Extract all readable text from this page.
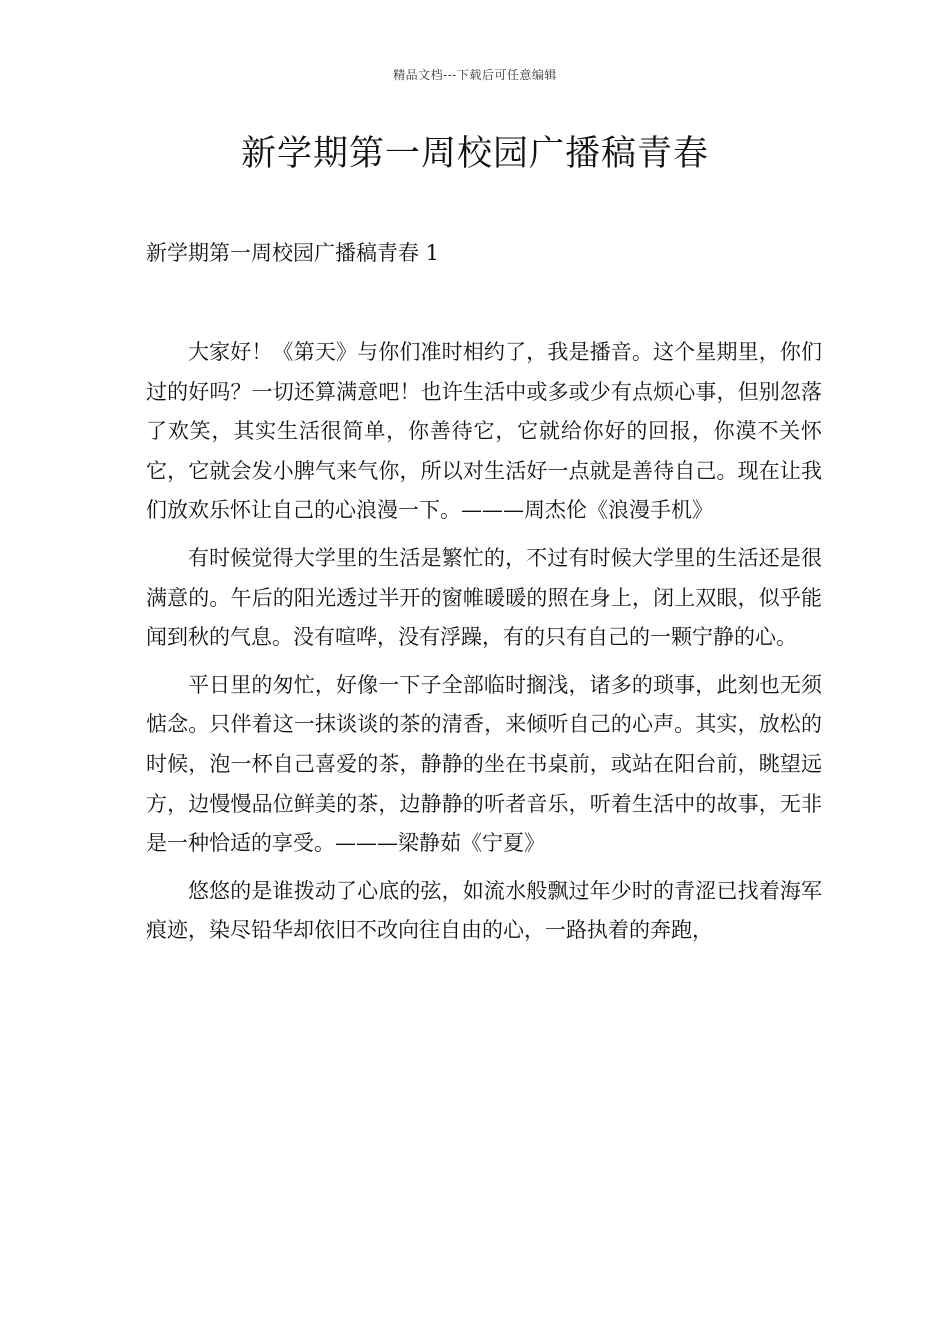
精品文档---下载后可任意编辑
新学期第一周校园广播稿青春
新学期第一周校园广播稿青春 1

大家好！《第天》与你们准时相约了，我是播音。这个星期里，你们过的好吗？一切还算满意吧！也许生活中或多或少有点烦心事，但别忽落了欢笑，其实生活很简单，你善待它，它就给你好的回报，你漠不关怀它，它就会发小脾气来气你，所以对生活好一点就是善待自己。现在让我们放欢乐怀让自己的心浪漫一下。———周杰伦《浪漫手机》

有时候觉得大学里的生活是繁忙的，不过有时候大学里的生活还是很满意的。午后的阳光透过半开的窗帷暖暖的照在身上，闭上双眼，似乎能闻到秋的气息。没有喧哗，没有浮躁，有的只有自己的一颗宁静的心。

平日里的匆忙，好像一下子全部临时搁浅，诸多的琐事，此刻也无须惦念。只伴着这一抹谈谈的茶的清香，来倾听自己的心声。其实，放松的时候，泡一杯自己喜爱的茶，静静的坐在书桌前，或站在阳台前，眺望远方，边慢慢品位鲜美的茶，边静静的听者音乐，听着生活中的故事，无非是一种恰适的享受。———梁静茹《宁夏》

悠悠的是谁拨动了心底的弦，如流水般飘过年少时的青涩已找着海军痕迹，染尽铅华却依旧不改向往自由的心，一路执着的奔跑，
